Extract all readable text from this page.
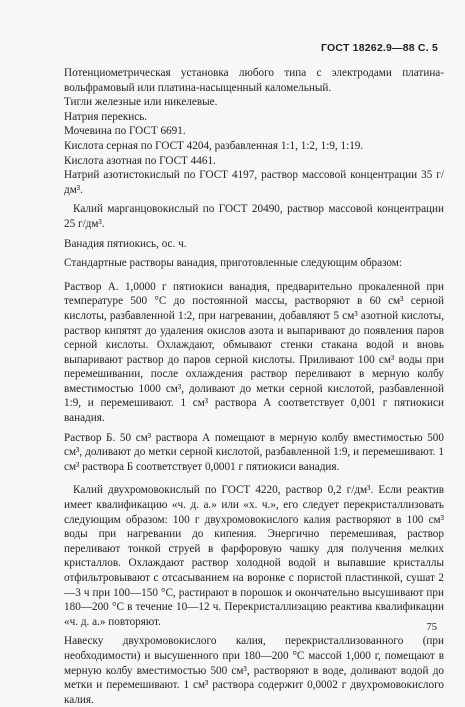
ГОСТ 18262.9—88 С. 5

Потенциометрическая установка любого типа с электродами платина-вольфрамовый или платина-насыщенный каломельный.

Тигли железные или никелевые.

Натрия перекись.

Мочевина по ГОСТ 6691.

Кислота серная по ГОСТ 4204, разбавленная 1:1, 1:2, 1:9, 1:19.

Кислота азотная по ГОСТ 4461.

Натрий азотистокислый по ГОСТ 4197, раствор массовой концентрации 35 г/дм³.

Калий марганцовокислый по ГОСТ 20490, раствор массовой концентрации 25 г/дм³.

Ванадия пятиокись, ос. ч.

Стандартные растворы ванадия, приготовленные следующим образом:

Раствор А. 1,0000 г пятиокиси ванадия, предварительно прокаленной при температуре 500 °С до постоянной массы, растворяют в 60 см³ серной кислоты, разбавленной 1:2, при нагревании, добавляют 5 см³ азотной кислоты, раствор кипятят до удаления окислов азота и выпаривают до появления паров серной кислоты. Охлаждают, обмывают стенки стакана водой и вновь выпаривают раствор до паров серной кислоты. Приливают 100 см³ воды при перемешивании, после охлаждения раствор переливают в мерную колбу вместимостью 1000 см³, доливают до метки серной кислотой, разбавленной 1:9, и перемешивают. 1 см³ раствора А соответствует 0,001 г пятиокиси ванадия.

Раствор Б. 50 см³ раствора А помещают в мерную колбу вместимостью 500 см³, доливают до метки серной кислотой, разбавленной 1:9, и перемешивают. 1 см³ раствора Б соответствует 0,0001 г пятиокиси ванадия.

Калий двухромовокислый по ГОСТ 4220, раствор 0,2 г/дм³. Если реактив имеет квалификацию «ч. д. а.» или «х. ч.», его следует перекристаллизовать следующим образом: 100 г двухромовокислого калия растворяют в 100 см³ воды при нагревании до кипения. Энергично перемешивая, раствор переливают тонкой струей в фарфоровую чашку для получения мелких кристаллов. Охлаждают раствор холодной водой и выпавшие кристаллы отфильтровывают с отсасыванием на воронке с пористой пластинкой, сушат 2—3 ч при 100—150 °С, растирают в порошок и окончательно высушивают при 180—200 °С в течение 10—12 ч. Перекристаллизацию реактива квалификации «ч. д. а.» повторяют.

Навеску двухромовокислого калия, перекристаллизованного (при необходимости) и высушенного при 180—200 °С массой 1,000 г, помещают в мерную колбу вместимостью 500 см³, растворяют в воде, доливают водой до метки и перемешивают. 1 см³ раствора содержит 0,0002 г двухромовокислого калия.

75
